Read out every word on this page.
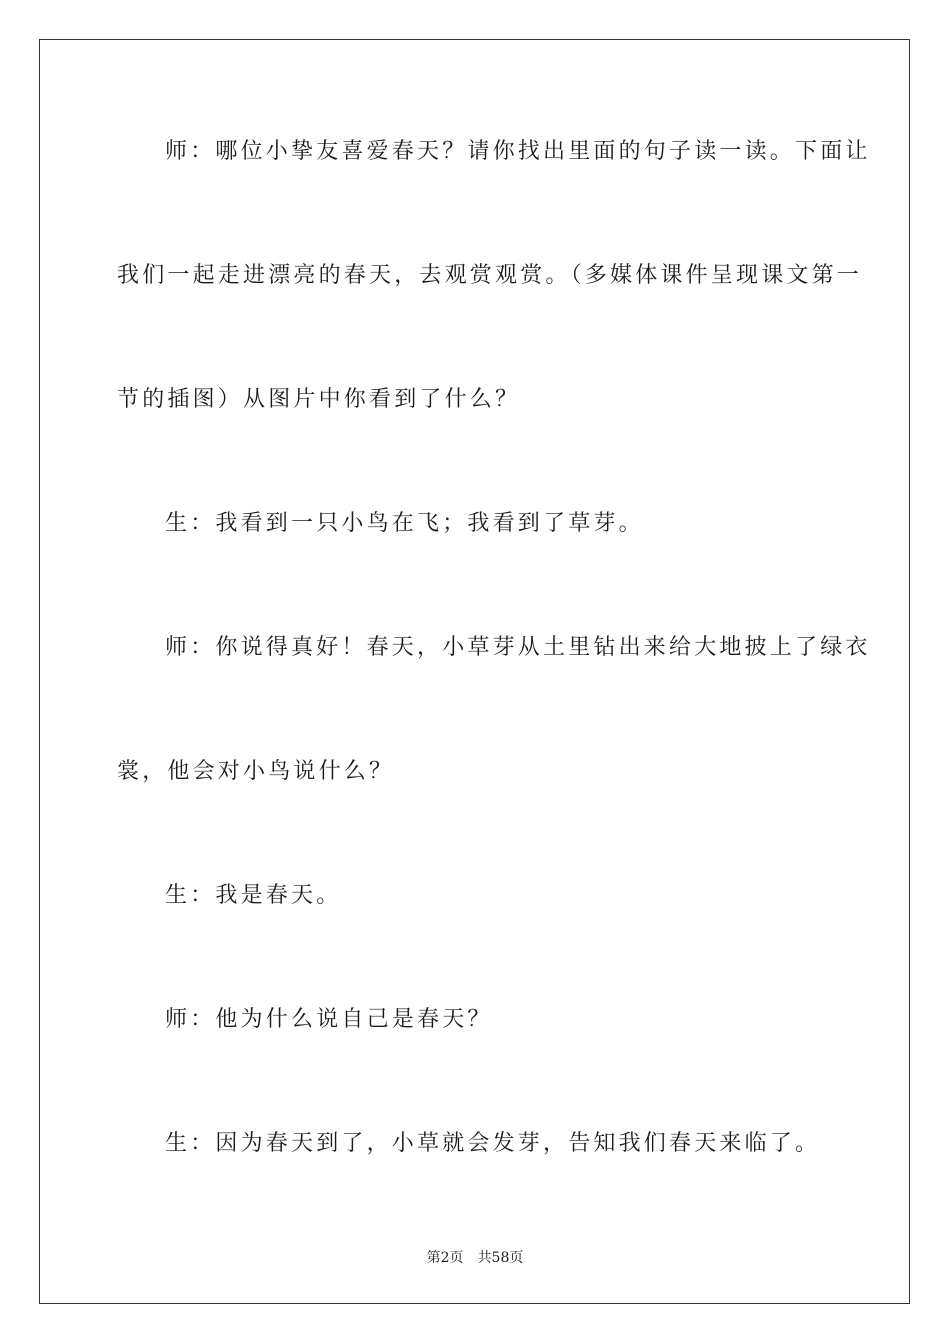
师：哪位小挚友喜爱春天？请你找出里面的句子读一读。下面让
我们一起走进漂亮的春天，去观赏观赏。（多媒体课件呈现课文第一
节的插图）从图片中你看到了什么？
生：我看到一只小鸟在飞；我看到了草芽。
师：你说得真好！春天，小草芽从土里钻出来给大地披上了绿衣
裳，他会对小鸟说什么？
生：我是春天。
师：他为什么说自己是春天？
生：因为春天到了，小草就会发芽，告知我们春天来临了。
第2页 共58页
